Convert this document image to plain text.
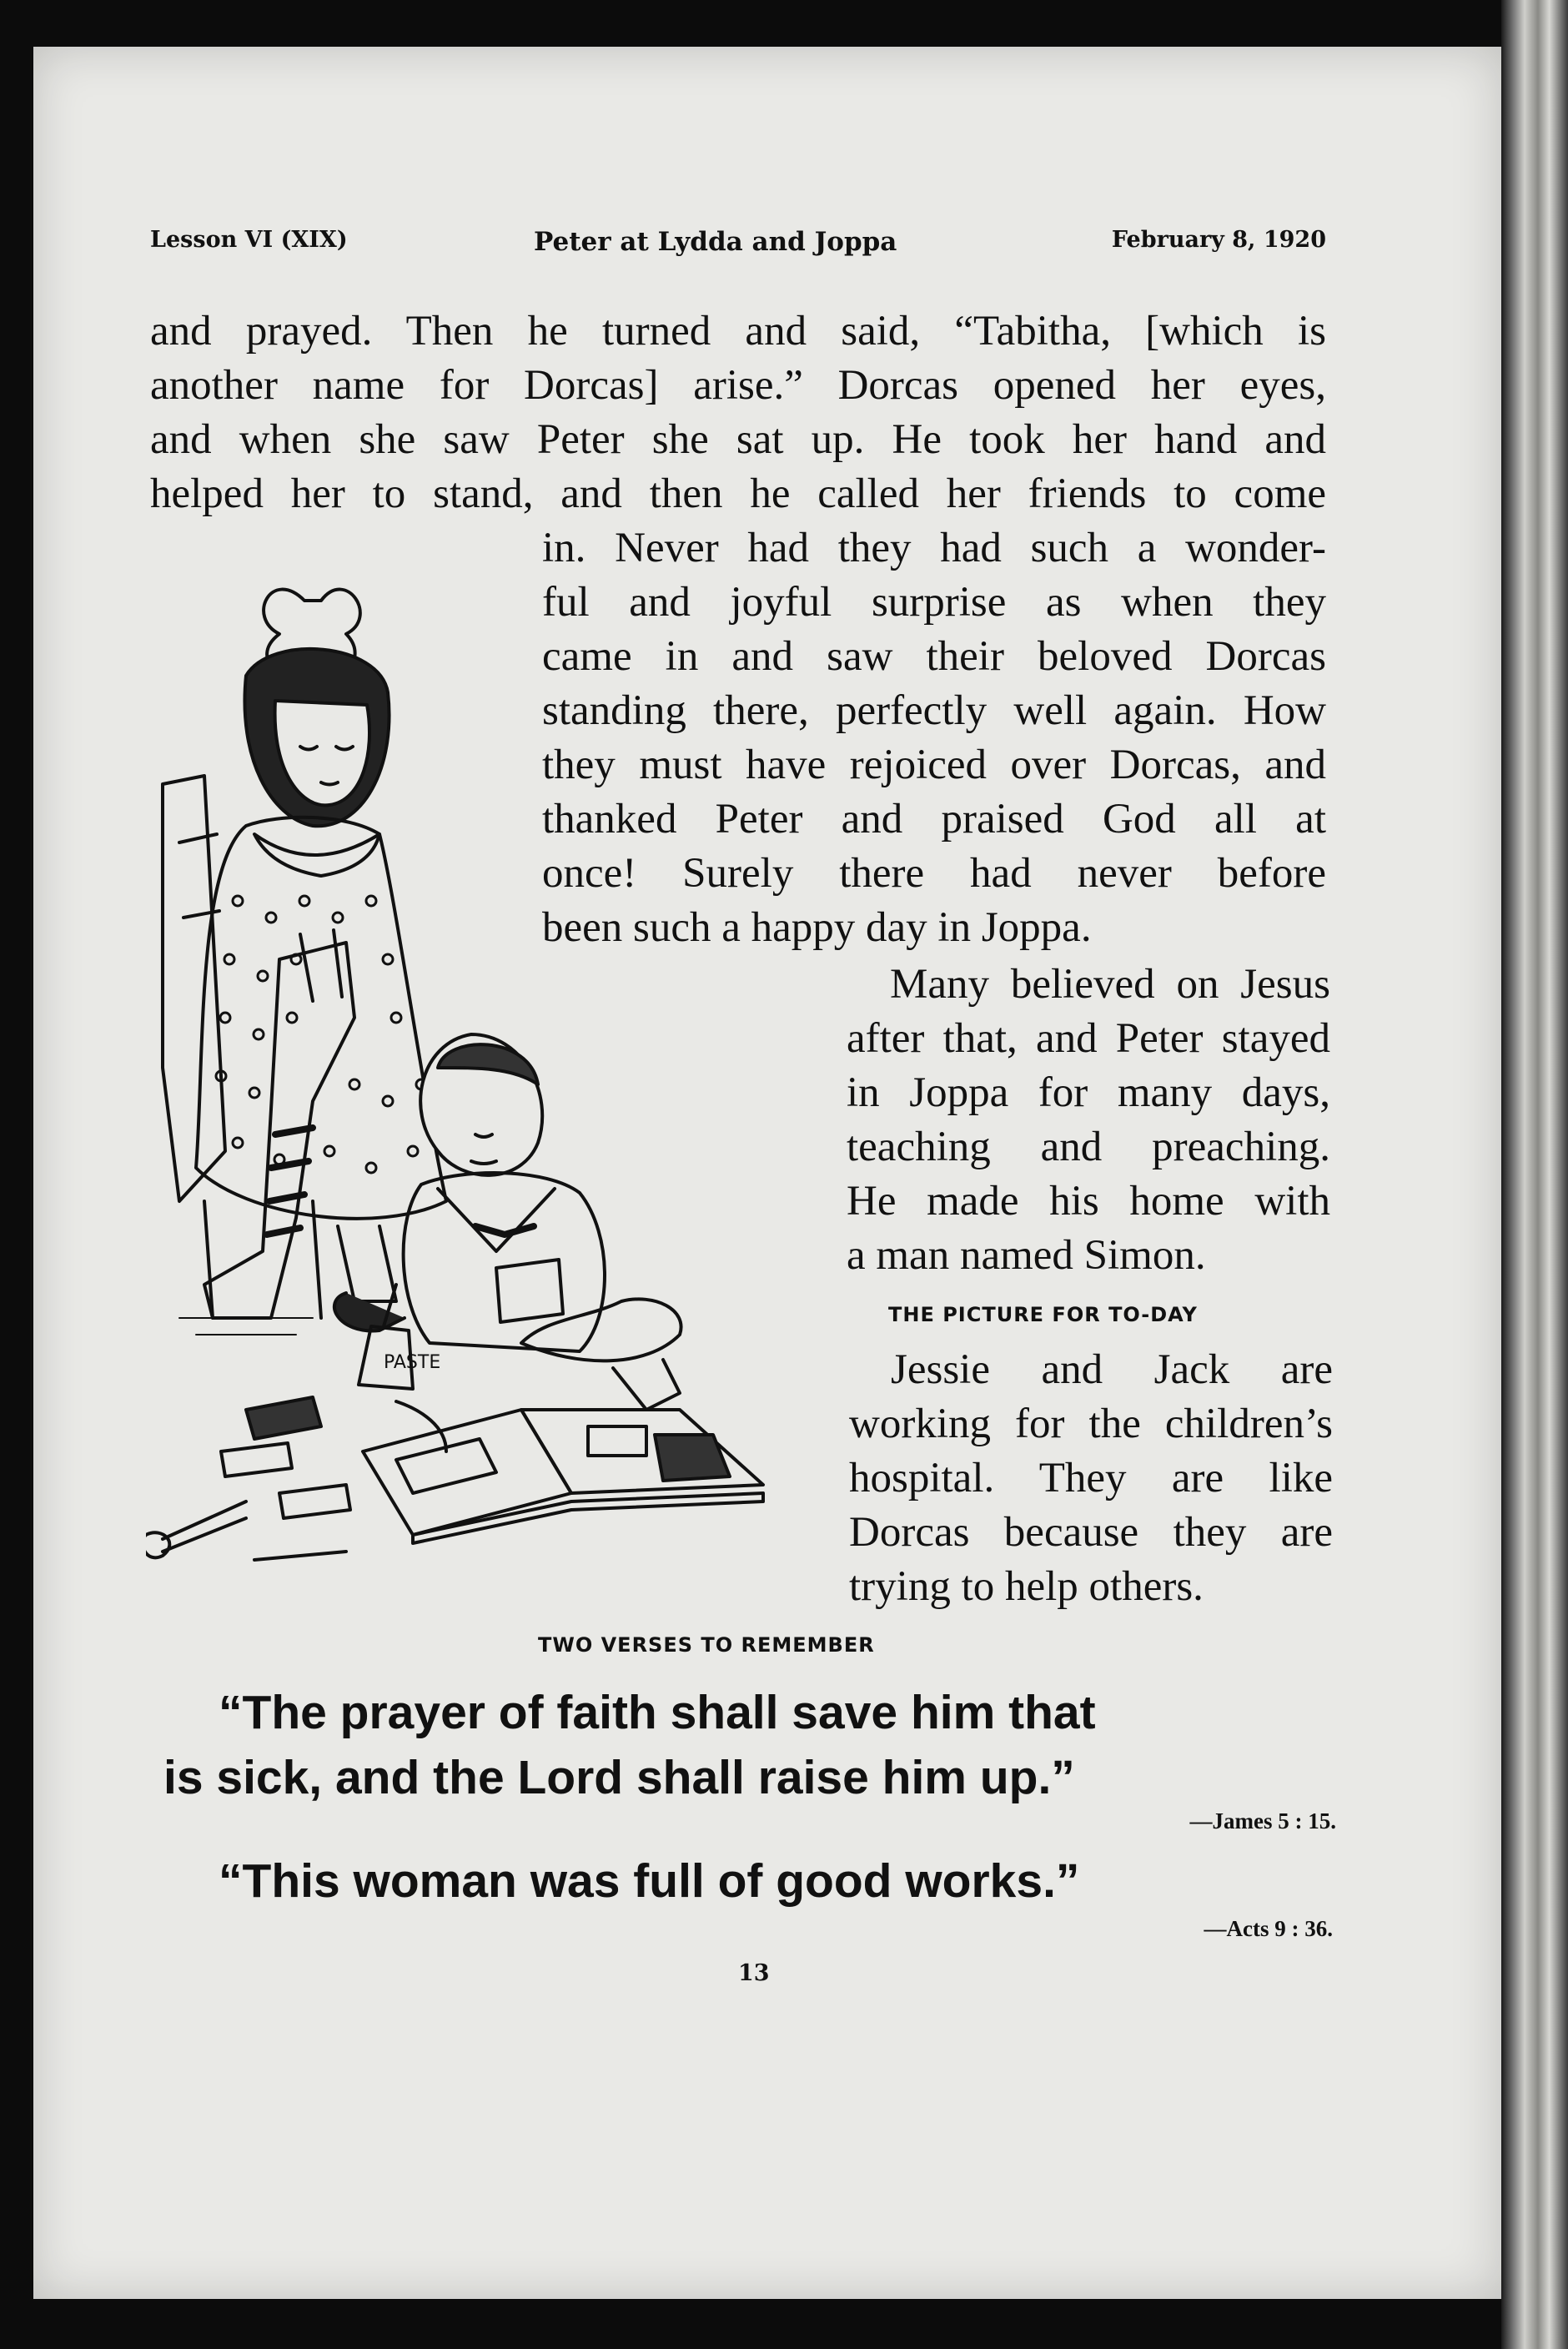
Lesson VI (XIX)	Peter at Lydda and Joppa	February 8, 1920
and prayed. Then he turned and said, “Tabitha, [which is
another name for Dorcas] arise.” Dorcas opened her eyes,
and when she saw Peter she sat up. He took her hand and
helped her to stand, and then he called her friends to come
in. Never had they had such a wonder-
ful and joyful surprise as when they
came in and saw their beloved Dorcas
standing there, perfectly well again. How
they must have rejoiced over Dorcas, and
thanked Peter and praised God all at
once! Surely there had never before
been such a happy day in Joppa.
Many believed on Jesus
after that, and Peter stayed
in Joppa for many days,
teaching and preaching.
He made his home with
a man named Simon.
THE PICTURE FOR TO-DAY
Jessie and Jack are
working for the children’s
hospital. They are like
Dorcas because they are
trying to help others.
PASTE
TWO VERSES TO REMEMBER
“The prayer of faith shall save him that
is sick, and the Lord shall raise him up.”
—James 5 : 15.
“This woman was full of good works.”
—Acts 9 : 36.
13
